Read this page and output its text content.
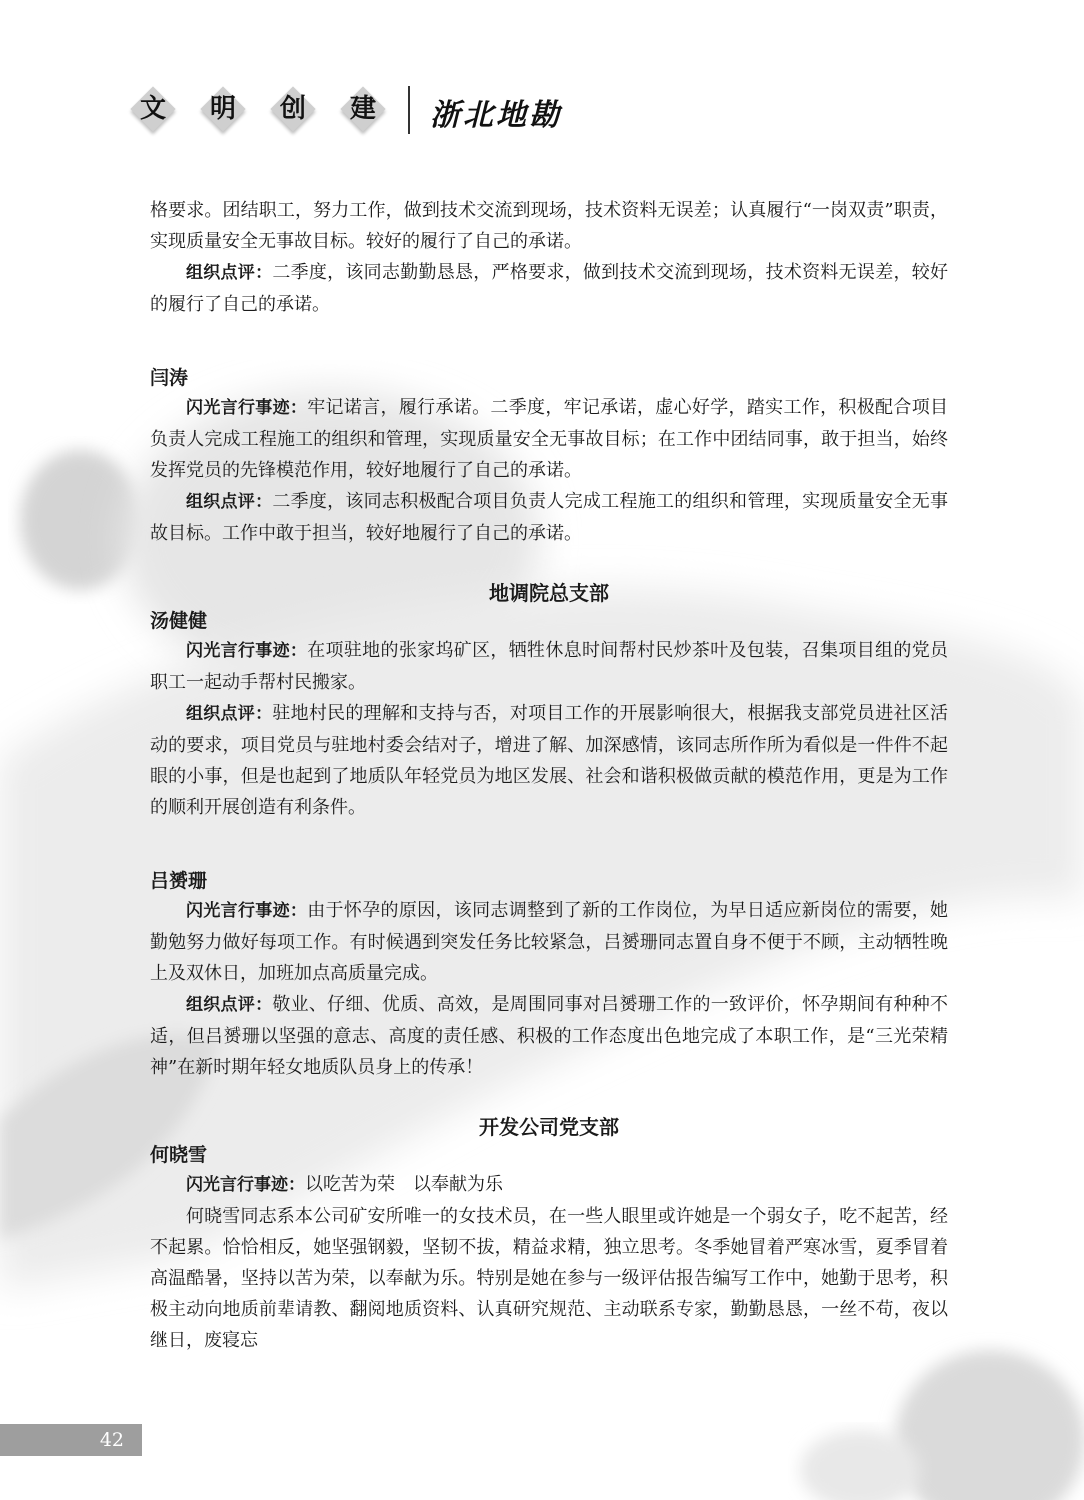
文	明	创	建	浙北地勘

格要求。团结职工，努力工作，做到技术交流到现场，技术资料无误差；认真履行“一岗双责”职责，实现质量安全无事故目标。较好的履行了自己的承诺。

组织点评：二季度，该同志勤勤恳恳，严格要求，做到技术交流到现场，技术资料无误差，较好的履行了自己的承诺。

闫涛

闪光言行事迹：牢记诺言，履行承诺。二季度，牢记承诺，虚心好学，踏实工作，积极配合项目负责人完成工程施工的组织和管理，实现质量安全无事故目标；在工作中团结同事，敢于担当，始终发挥党员的先锋模范作用，较好地履行了自己的承诺。

组织点评：二季度，该同志积极配合项目负责人完成工程施工的组织和管理，实现质量安全无事故目标。工作中敢于担当，较好地履行了自己的承诺。

地调院总支部
汤健健

闪光言行事迹：在项驻地的张家坞矿区，牺牲休息时间帮村民炒茶叶及包装，召集项目组的党员职工一起动手帮村民搬家。

组织点评：驻地村民的理解和支持与否，对项目工作的开展影响很大，根据我支部党员进社区活动的要求，项目党员与驻地村委会结对子，增进了解、加深感情，该同志所作所为看似是一件件不起眼的小事，但是也起到了地质队年轻党员为地区发展、社会和谐积极做贡献的模范作用，更是为工作的顺利开展创造有利条件。

吕赟珊

闪光言行事迹：由于怀孕的原因，该同志调整到了新的工作岗位，为早日适应新岗位的需要，她勤勉努力做好每项工作。有时候遇到突发任务比较紧急，吕赟珊同志置自身不便于不顾，主动牺牲晚上及双休日，加班加点高质量完成。

组织点评：敬业、仔细、优质、高效，是周围同事对吕赟珊工作的一致评价，怀孕期间有种种不适，但吕赟珊以坚强的意志、高度的责任感、积极的工作态度出色地完成了本职工作，是“三光荣精神”在新时期年轻女地质队员身上的传承！

开发公司党支部
何晓雪

闪光言行事迹：以吃苦为荣　以奉献为乐

何晓雪同志系本公司矿安所唯一的女技术员，在一些人眼里或许她是一个弱女子，吃不起苦，经不起累。恰恰相反，她坚强钢毅，坚韧不拔，精益求精，独立思考。冬季她冒着严寒冰雪，夏季冒着高温酷暑，坚持以苦为荣，以奉献为乐。特别是她在参与一级评估报告编写工作中，她勤于思考，积极主动向地质前辈请教、翻阅地质资料、认真研究规范、主动联系专家，勤勤恳恳，一丝不苟，夜以继日，废寝忘

42
